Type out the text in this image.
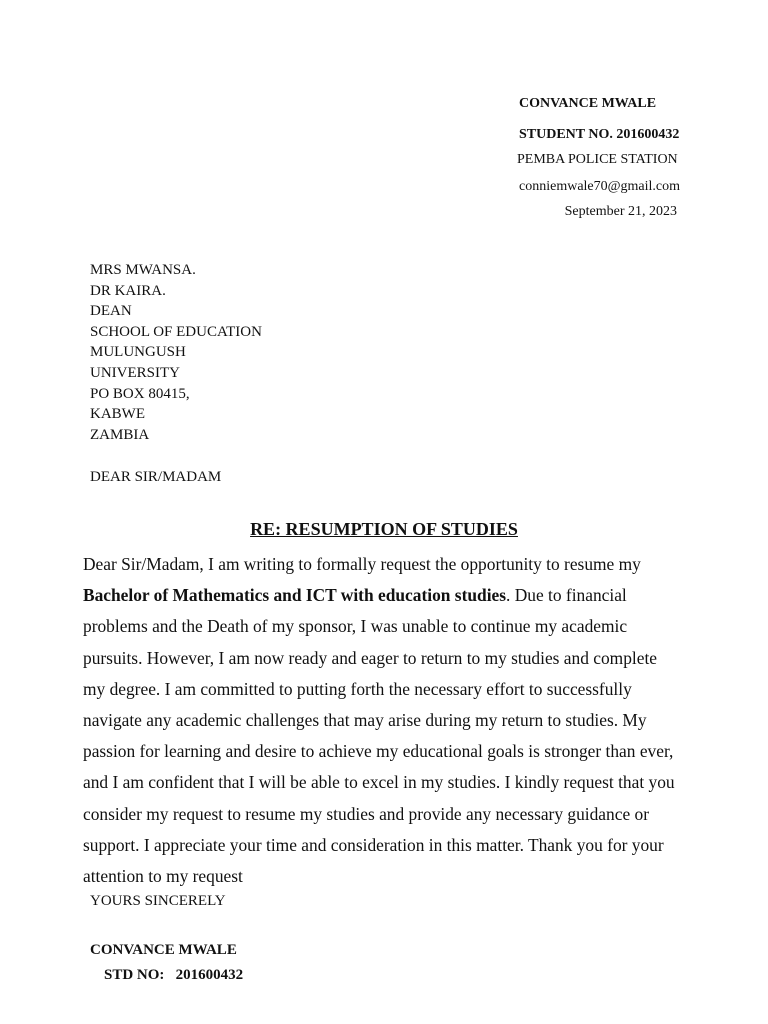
CONVANCE MWALE
STUDENT NO. 201600432
PEMBA POLICE STATION
conniemwale70@gmail.com
September 21, 2023
MRS MWANSA.
DR KAIRA.
DEAN
SCHOOL OF EDUCATION
MULUNGUSH
UNIVERSITY
PO BOX 80415,
KABWE
ZAMBIA
DEAR SIR/MADAM
RE: RESUMPTION OF STUDIES
Dear Sir/Madam, I am writing to formally request the opportunity to resume my
Bachelor of Mathematics and ICT with education studies. Due to financial
problems and the Death of my sponsor, I was unable to continue my academic
pursuits. However, I am now ready and eager to return to my studies and complete
my degree. I am committed to putting forth the necessary effort to successfully
navigate any academic challenges that may arise during my return to studies. My
passion for learning and desire to achieve my educational goals is stronger than ever,
and I am confident that I will be able to excel in my studies. I kindly request that you
consider my request to resume my studies and provide any necessary guidance or
support. I appreciate your time and consideration in this matter. Thank you for your
attention to my request
YOURS SINCERELY
CONVANCE MWALE
STD NO:   201600432
